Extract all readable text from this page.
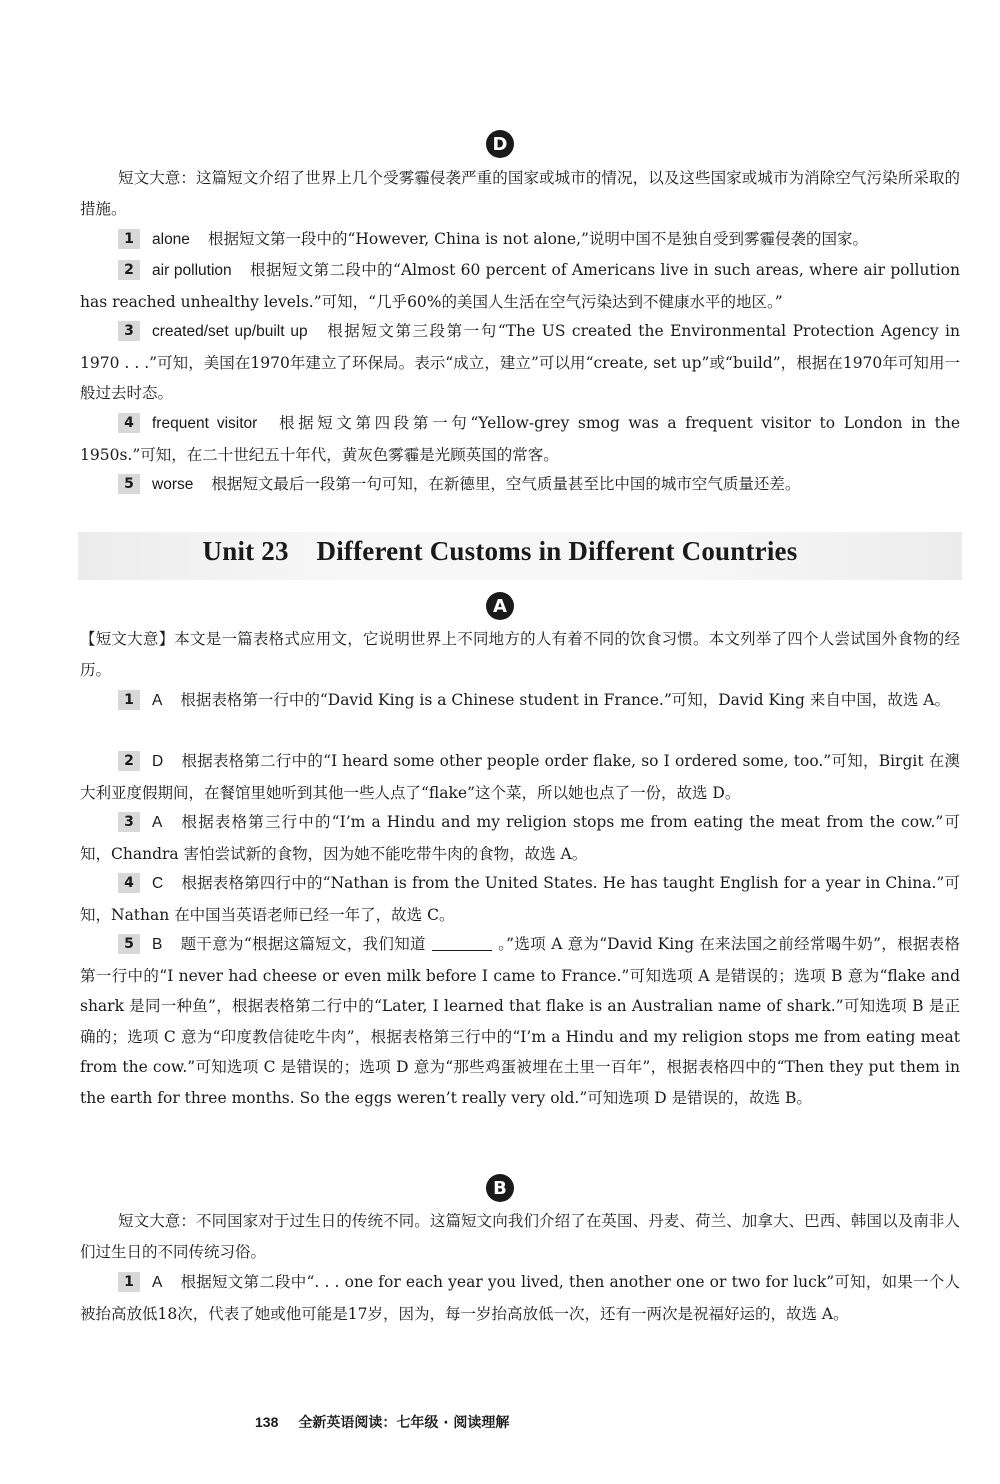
D

短文大意：这篇短文介绍了世界上几个受雾霾侵袭严重的国家或城市的情况，以及这些国家或城市为消除空气污染所采取的措施。

1 alone 根据短文第一段中的“However, China is not alone,”说明中国不是独自受到雾霾侵袭的国家。

2 air pollution 根据短文第二段中的“Almost 60 percent of Americans live in such areas, where air pollution has reached unhealthy levels.”可知，“几乎60%的美国人生活在空气污染达到不健康水平的地区。”

3 created/set up/built up 根据短文第三段第一句“The US created the Environmental Protection Agency in 1970 . . .”可知，美国在1970年建立了环保局。表示“成立，建立”可以用“create, set up”或“build”，根据在1970年可知用一般过去时态。

4 frequent visitor 根据短文第四段第一句“Yellow-grey smog was a frequent visitor to London in the 1950s.”可知，在二十世纪五十年代，黄灰色雾霾是光顾英国的常客。

5 worse 根据短文最后一段第一句可知，在新德里，空气质量甚至比中国的城市空气质量还差。

Unit 23    Different Customs in Different Countries
A

【短文大意】本文是一篇表格式应用文，它说明世界上不同地方的人有着不同的饮食习惯。本文列举了四个人尝试国外食物的经历。

1 A 根据表格第一行中的“David King is a Chinese student in France.”可知，David King 来自中国，故选 A。

2 D 根据表格第二行中的“I heard some other people order flake, so I ordered some, too.”可知，Birgit 在澳大利亚度假期间，在餐馆里她听到其他一些人点了“flake”这个菜，所以她也点了一份，故选 D。

3 A 根据表格第三行中的“I’m a Hindu and my religion stops me from eating the meat from the cow.”可知，Chandra 害怕尝试新的食物，因为她不能吃带牛肉的食物，故选 A。

4 C 根据表格第四行中的“Nathan is from the United States. He has taught English for a year in China.”可知，Nathan 在中国当英语老师已经一年了，故选 C。

5 B 题干意为“根据这篇短文，我们知道	。”选项 A 意为“David King 在来法国之前经常喝牛奶”，根据表格第一行中的“I never had cheese or even milk before I came to France.”可知选项 A 是错误的；选项 B 意为“flake and shark 是同一种鱼”，根据表格第二行中的“Later, I learned that flake is an Australian name of shark.”可知选项 B 是正确的；选项 C 意为“印度教信徒吃牛肉”，根据表格第三行中的“I’m a Hindu and my religion stops me from eating meat from the cow.”可知选项 C 是错误的；选项 D 意为“那些鸡蛋被埋在土里一百年”，根据表格四中的“Then they put them in the earth for three months. So the eggs weren’t really very old.”可知选项 D 是错误的，故选 B。

B

短文大意：不同国家对于过生日的传统不同。这篇短文向我们介绍了在英国、丹麦、荷兰、加拿大、巴西、韩国以及南非人们过生日的不同传统习俗。

1 A 根据短文第二段中“. . . one for each year you lived, then another one or two for luck”可知，如果一个人被抬高放低18次，代表了她或他可能是17岁，因为，每一岁抬高放低一次，还有一两次是祝福好运的，故选 A。

138 全新英语阅读：七年级 · 阅读理解
